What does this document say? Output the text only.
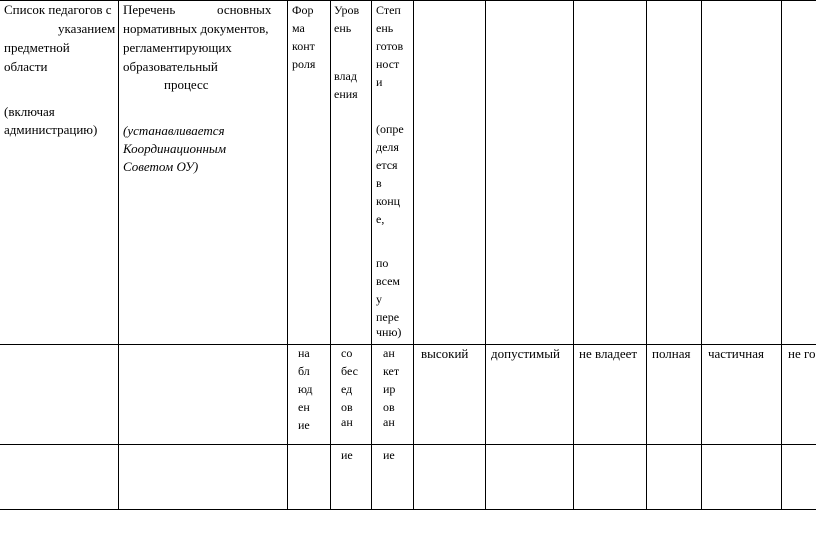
Список педагогов с
указанием
предметной
области
(включая
администрацию)
Перечень	основных
нормативных документов,
регламентирующих
образовательный
процесс
(устанавливается
Координационным
Советом ОУ)
Фор
ма
конт
роля
Уров
ень
влад
ения
Степ
ень
готов
ност
и
(опре
деля
ется
в
конц
е,
по
всем
у
пере
чню)
на
бл
юд
ен
ие
со
бес
ед
ов
ан
ан
кет
ир
ов
ан
высокий допустимый не владеет полная частичная не го
ие	ие
